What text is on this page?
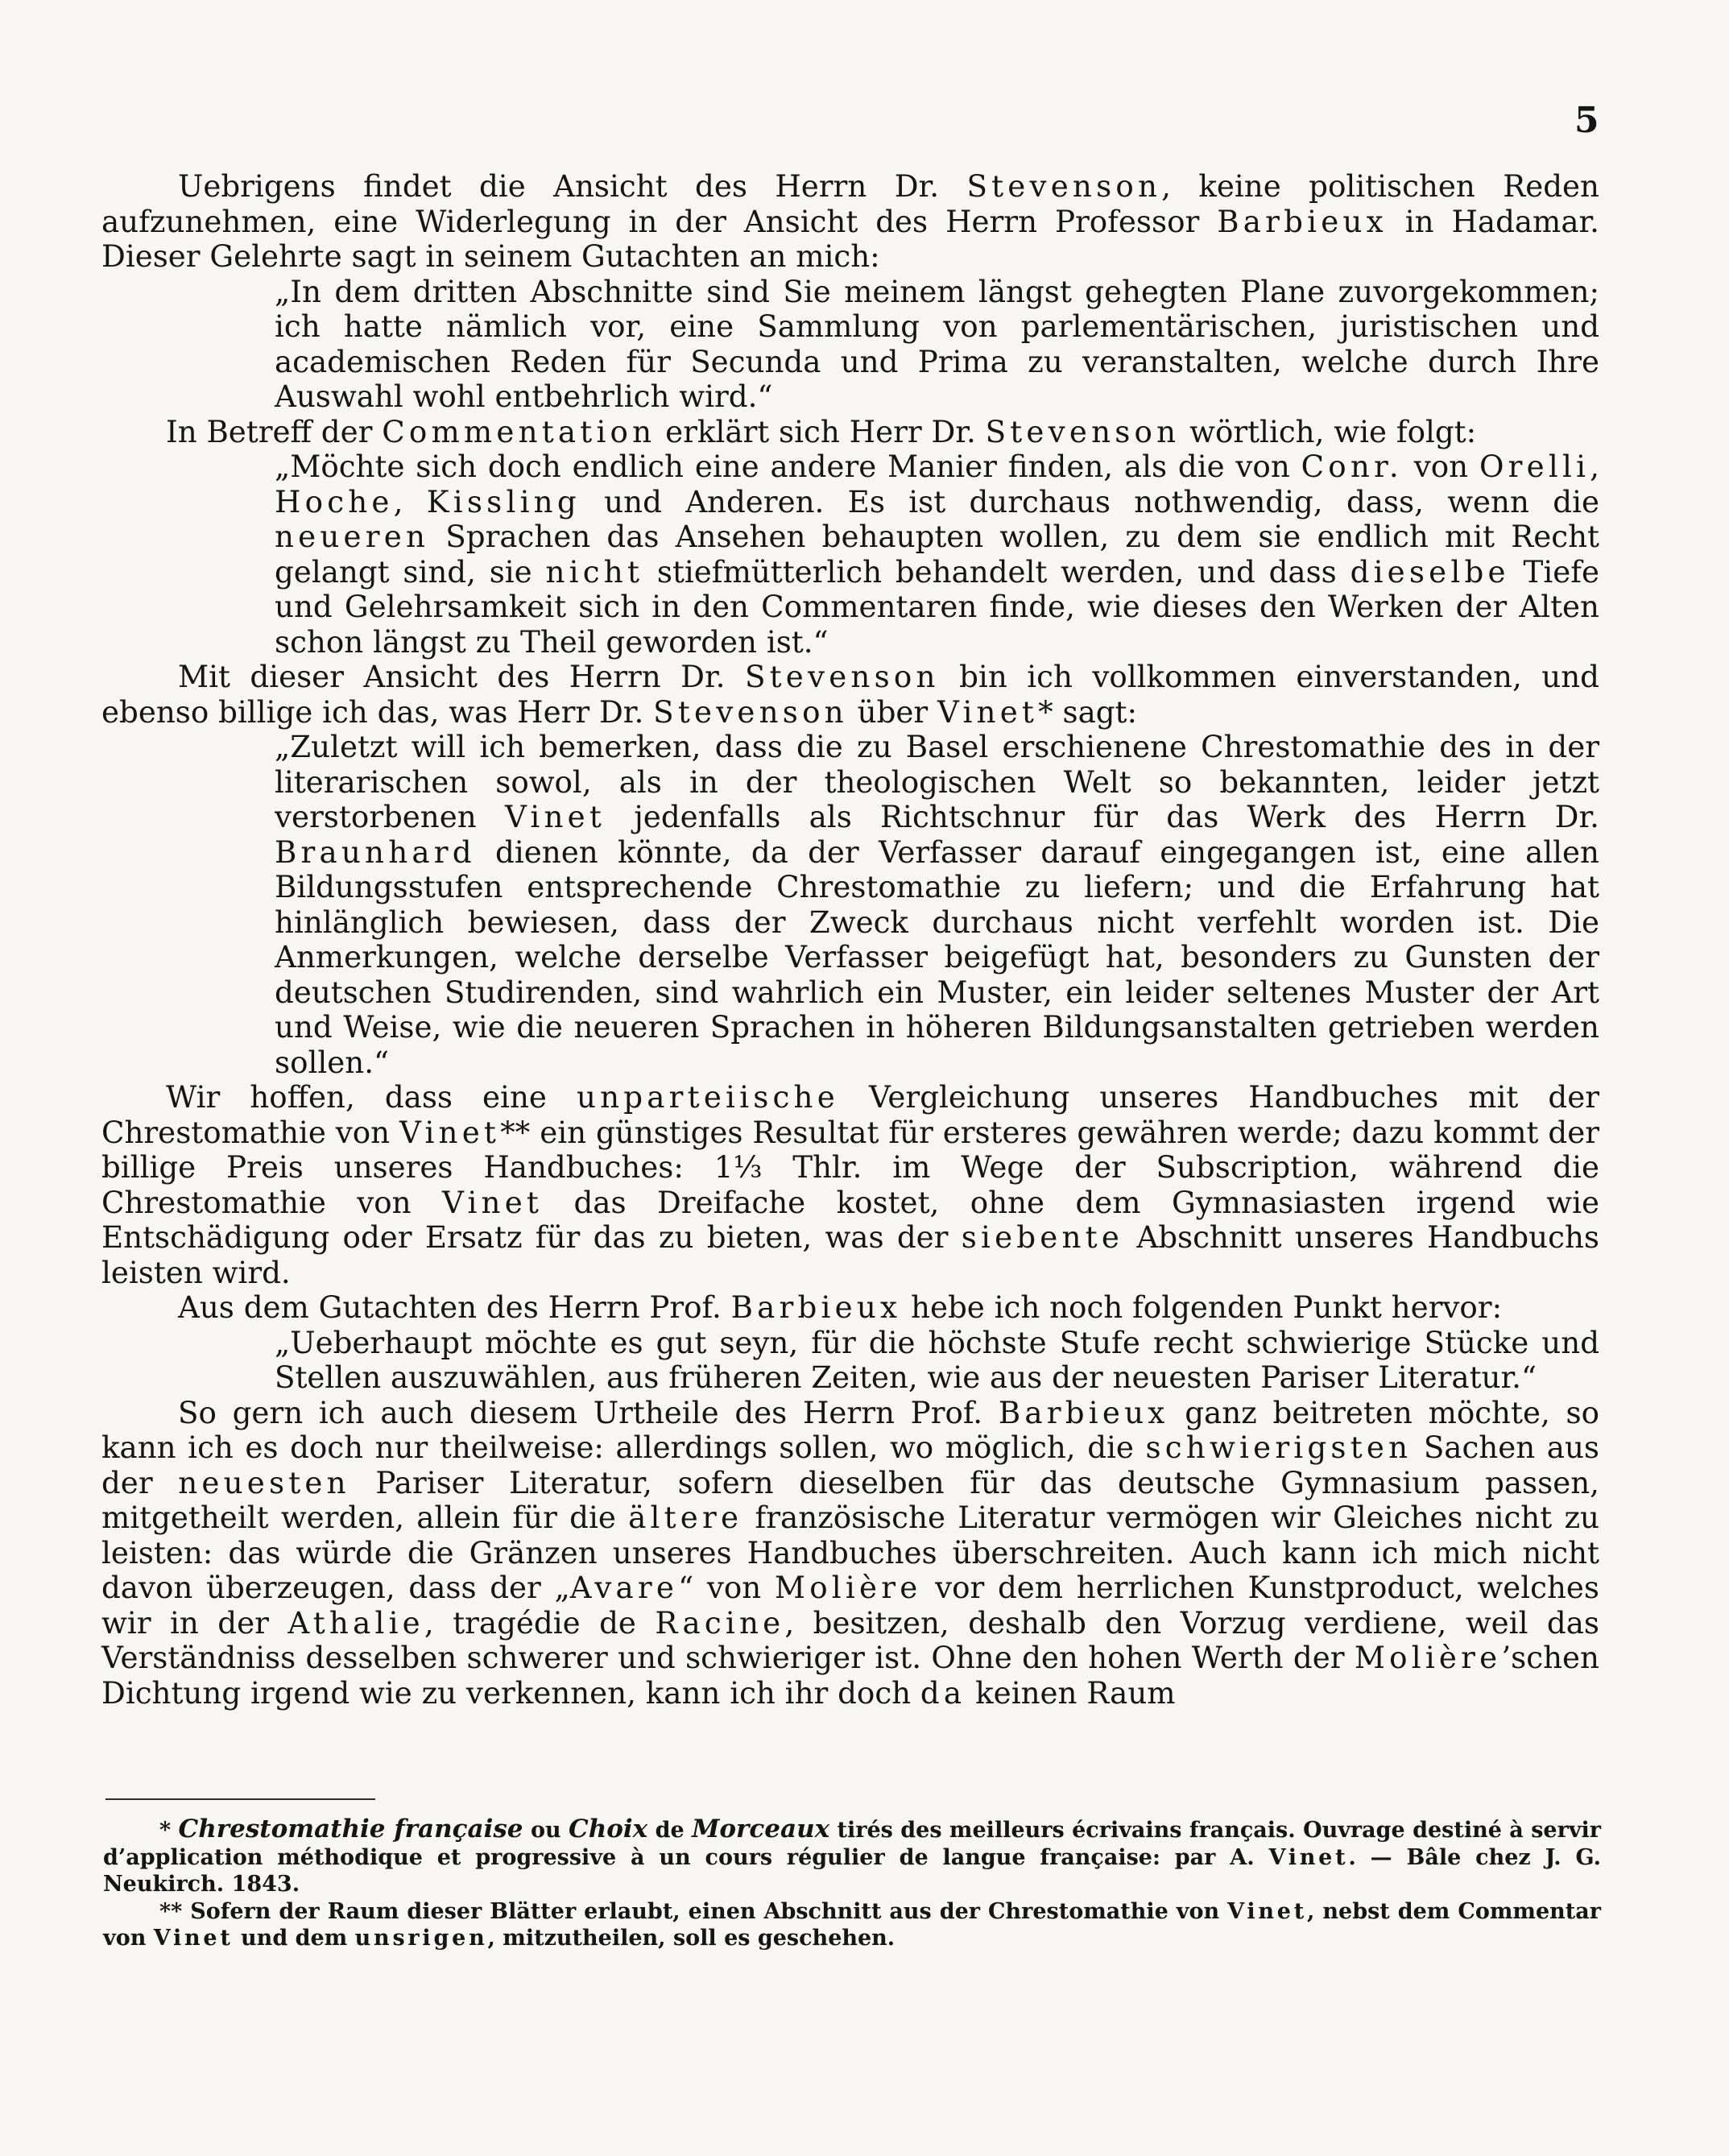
5

Uebrigens findet die Ansicht des Herrn Dr. Stevenson, keine politischen Reden aufzunehmen, eine Widerlegung in der Ansicht des Herrn Professor Barbieux in Hadamar. Dieser Gelehrte sagt in seinem Gutachten an mich:

„In dem dritten Abschnitte sind Sie meinem längst gehegten Plane zuvorgekommen; ich hatte nämlich vor, eine Sammlung von parlementärischen, juristischen und academischen Reden für Secunda und Prima zu veranstalten, welche durch Ihre Auswahl wohl entbehrlich wird.“

In Betreff der Commentation erklärt sich Herr Dr. Stevenson wörtlich, wie folgt:

„Möchte sich doch endlich eine andere Manier finden, als die von Conr. von Orelli, Hoche, Kissling und Anderen. Es ist durchaus nothwendig, dass, wenn die neueren Sprachen das Ansehen behaupten wollen, zu dem sie endlich mit Recht gelangt sind, sie nicht stiefmütterlich behandelt werden, und dass dieselbe Tiefe und Gelehrsamkeit sich in den Commentaren finde, wie dieses den Werken der Alten schon längst zu Theil geworden ist.“

Mit dieser Ansicht des Herrn Dr. Stevenson bin ich vollkommen einverstanden, und ebenso billige ich das, was Herr Dr. Stevenson über Vinet* sagt:

„Zuletzt will ich bemerken, dass die zu Basel erschienene Chrestomathie des in der literarischen sowol, als in der theologischen Welt so bekannten, leider jetzt verstorbenen Vinet jedenfalls als Richtschnur für das Werk des Herrn Dr. Braunhard dienen könnte, da der Verfasser darauf eingegangen ist, eine allen Bildungsstufen entsprechende Chrestomathie zu liefern; und die Erfahrung hat hinlänglich bewiesen, dass der Zweck durchaus nicht verfehlt worden ist. Die Anmerkungen, welche derselbe Verfasser beigefügt hat, besonders zu Gunsten der deutschen Studirenden, sind wahrlich ein Muster, ein leider seltenes Muster der Art und Weise, wie die neueren Sprachen in höheren Bildungsanstalten getrieben werden sollen.“

Wir hoffen, dass eine unparteiische Vergleichung unseres Handbuches mit der Chrestomathie von Vinet** ein günstiges Resultat für ersteres gewähren werde; dazu kommt der billige Preis unseres Handbuches: 1⅓ Thlr. im Wege der Subscription, während die Chrestomathie von Vinet das Dreifache kostet, ohne dem Gymnasiasten irgend wie Entschädigung oder Ersatz für das zu bieten, was der siebente Abschnitt unseres Handbuchs leisten wird.

Aus dem Gutachten des Herrn Prof. Barbieux hebe ich noch folgenden Punkt hervor:

„Ueberhaupt möchte es gut seyn, für die höchste Stufe recht schwierige Stücke und Stellen auszuwählen, aus früheren Zeiten, wie aus der neuesten Pariser Literatur.“

So gern ich auch diesem Urtheile des Herrn Prof. Barbieux ganz beitreten möchte, so kann ich es doch nur theilweise: allerdings sollen, wo möglich, die schwierigsten Sachen aus der neuesten Pariser Literatur, sofern dieselben für das deutsche Gymnasium passen, mitgetheilt werden, allein für die ältere französische Literatur vermögen wir Gleiches nicht zu leisten: das würde die Gränzen unseres Handbuches überschreiten. Auch kann ich mich nicht davon überzeugen, dass der „Avare“ von Molière vor dem herrlichen Kunstproduct, welches wir in der Athalie, tragédie de Racine, besitzen, deshalb den Vorzug verdiene, weil das Verständniss desselben schwerer und schwieriger ist. Ohne den hohen Werth der Molière’schen Dichtung irgend wie zu verkennen, kann ich ihr doch da keinen Raum

* Chrestomathie française ou Choix de Morceaux tirés des meilleurs écrivains français. Ouvrage destiné à servir d’application méthodique et progressive à un cours régulier de langue française: par A. Vinet. — Bâle chez J. G. Neukirch. 1843.

** Sofern der Raum dieser Blätter erlaubt, einen Abschnitt aus der Chrestomathie von Vinet, nebst dem Commentar von Vinet und dem unsrigen, mitzutheilen, soll es geschehen.
